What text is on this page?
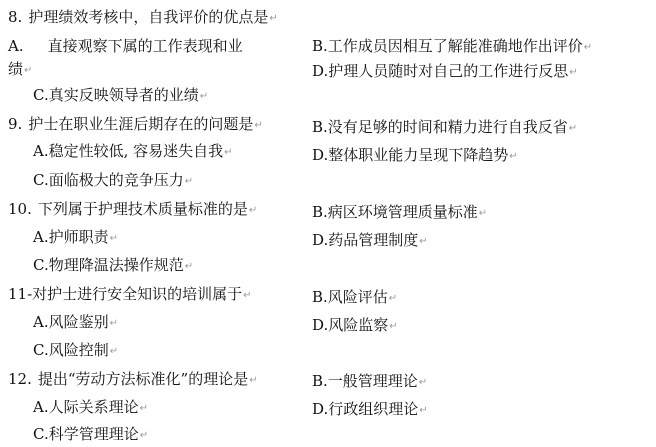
8. 护理绩效考核中，自我评价的优点是↵
A. 直接观察下属的工作表现和业	B.工作成员因相互了解能准确地作出评价↵
绩↵	D.护理人员随时对自己的工作进行反思↵
C.真实反映领导者的业绩↵
9. 护士在职业生涯后期存在的问题是↵	B.没有足够的时间和精力进行自我反省↵
A.稳定性较低, 容易迷失自我↵	D.整体职业能力呈现下降趋势↵
C.面临极大的竞争压力↵
10. 下列属于护理技术质量标准的是↵	B.病区环境管理质量标准↵
A.护师职责↵	D.药品管理制度↵
C.物理降温法操作规范↵
11-对护士进行安全知识的培训属于↵	B.风险评估↵
A.风险鉴别↵	D.风险监察↵
C.风险控制↵
12. 提出“劳动方法标准化”的理论是↵	B.一般管理理论↵
A.人际关系理论↵	D.行政组织理论↵
C.科学管理理论↵
